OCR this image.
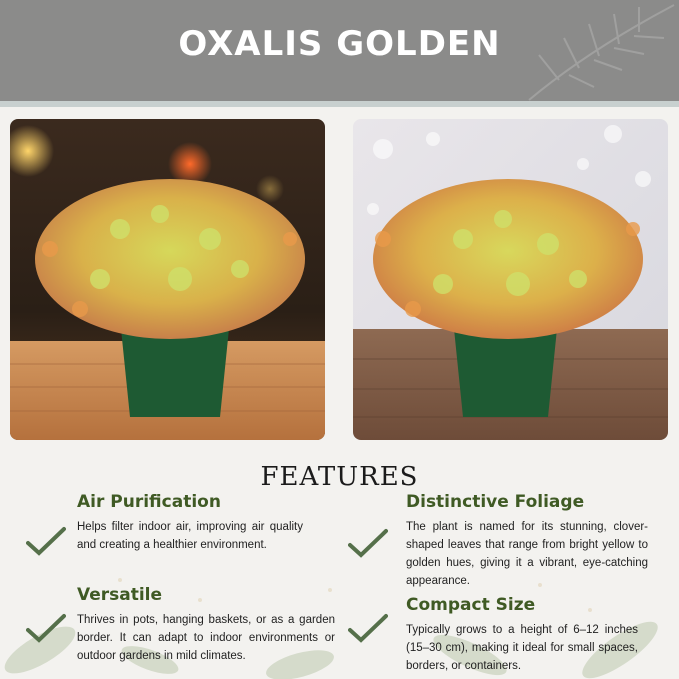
OXALIS GOLDEN
FEATURES
Air Purification

Helps filter indoor air, improving air quality and creating a healthier environment.

Distinctive Foliage

The plant is named for its stunning, clover-shaped leaves that range from bright yellow to golden hues, giving it a vibrant, eye-catching appearance.

Versatile

Thrives in pots, hanging baskets, or as a garden border. It can adapt to indoor environments or outdoor gardens in mild climates.

Compact Size

Typically grows to a height of 6–12 inches (15–30 cm), making it ideal for small spaces, borders, or containers.
